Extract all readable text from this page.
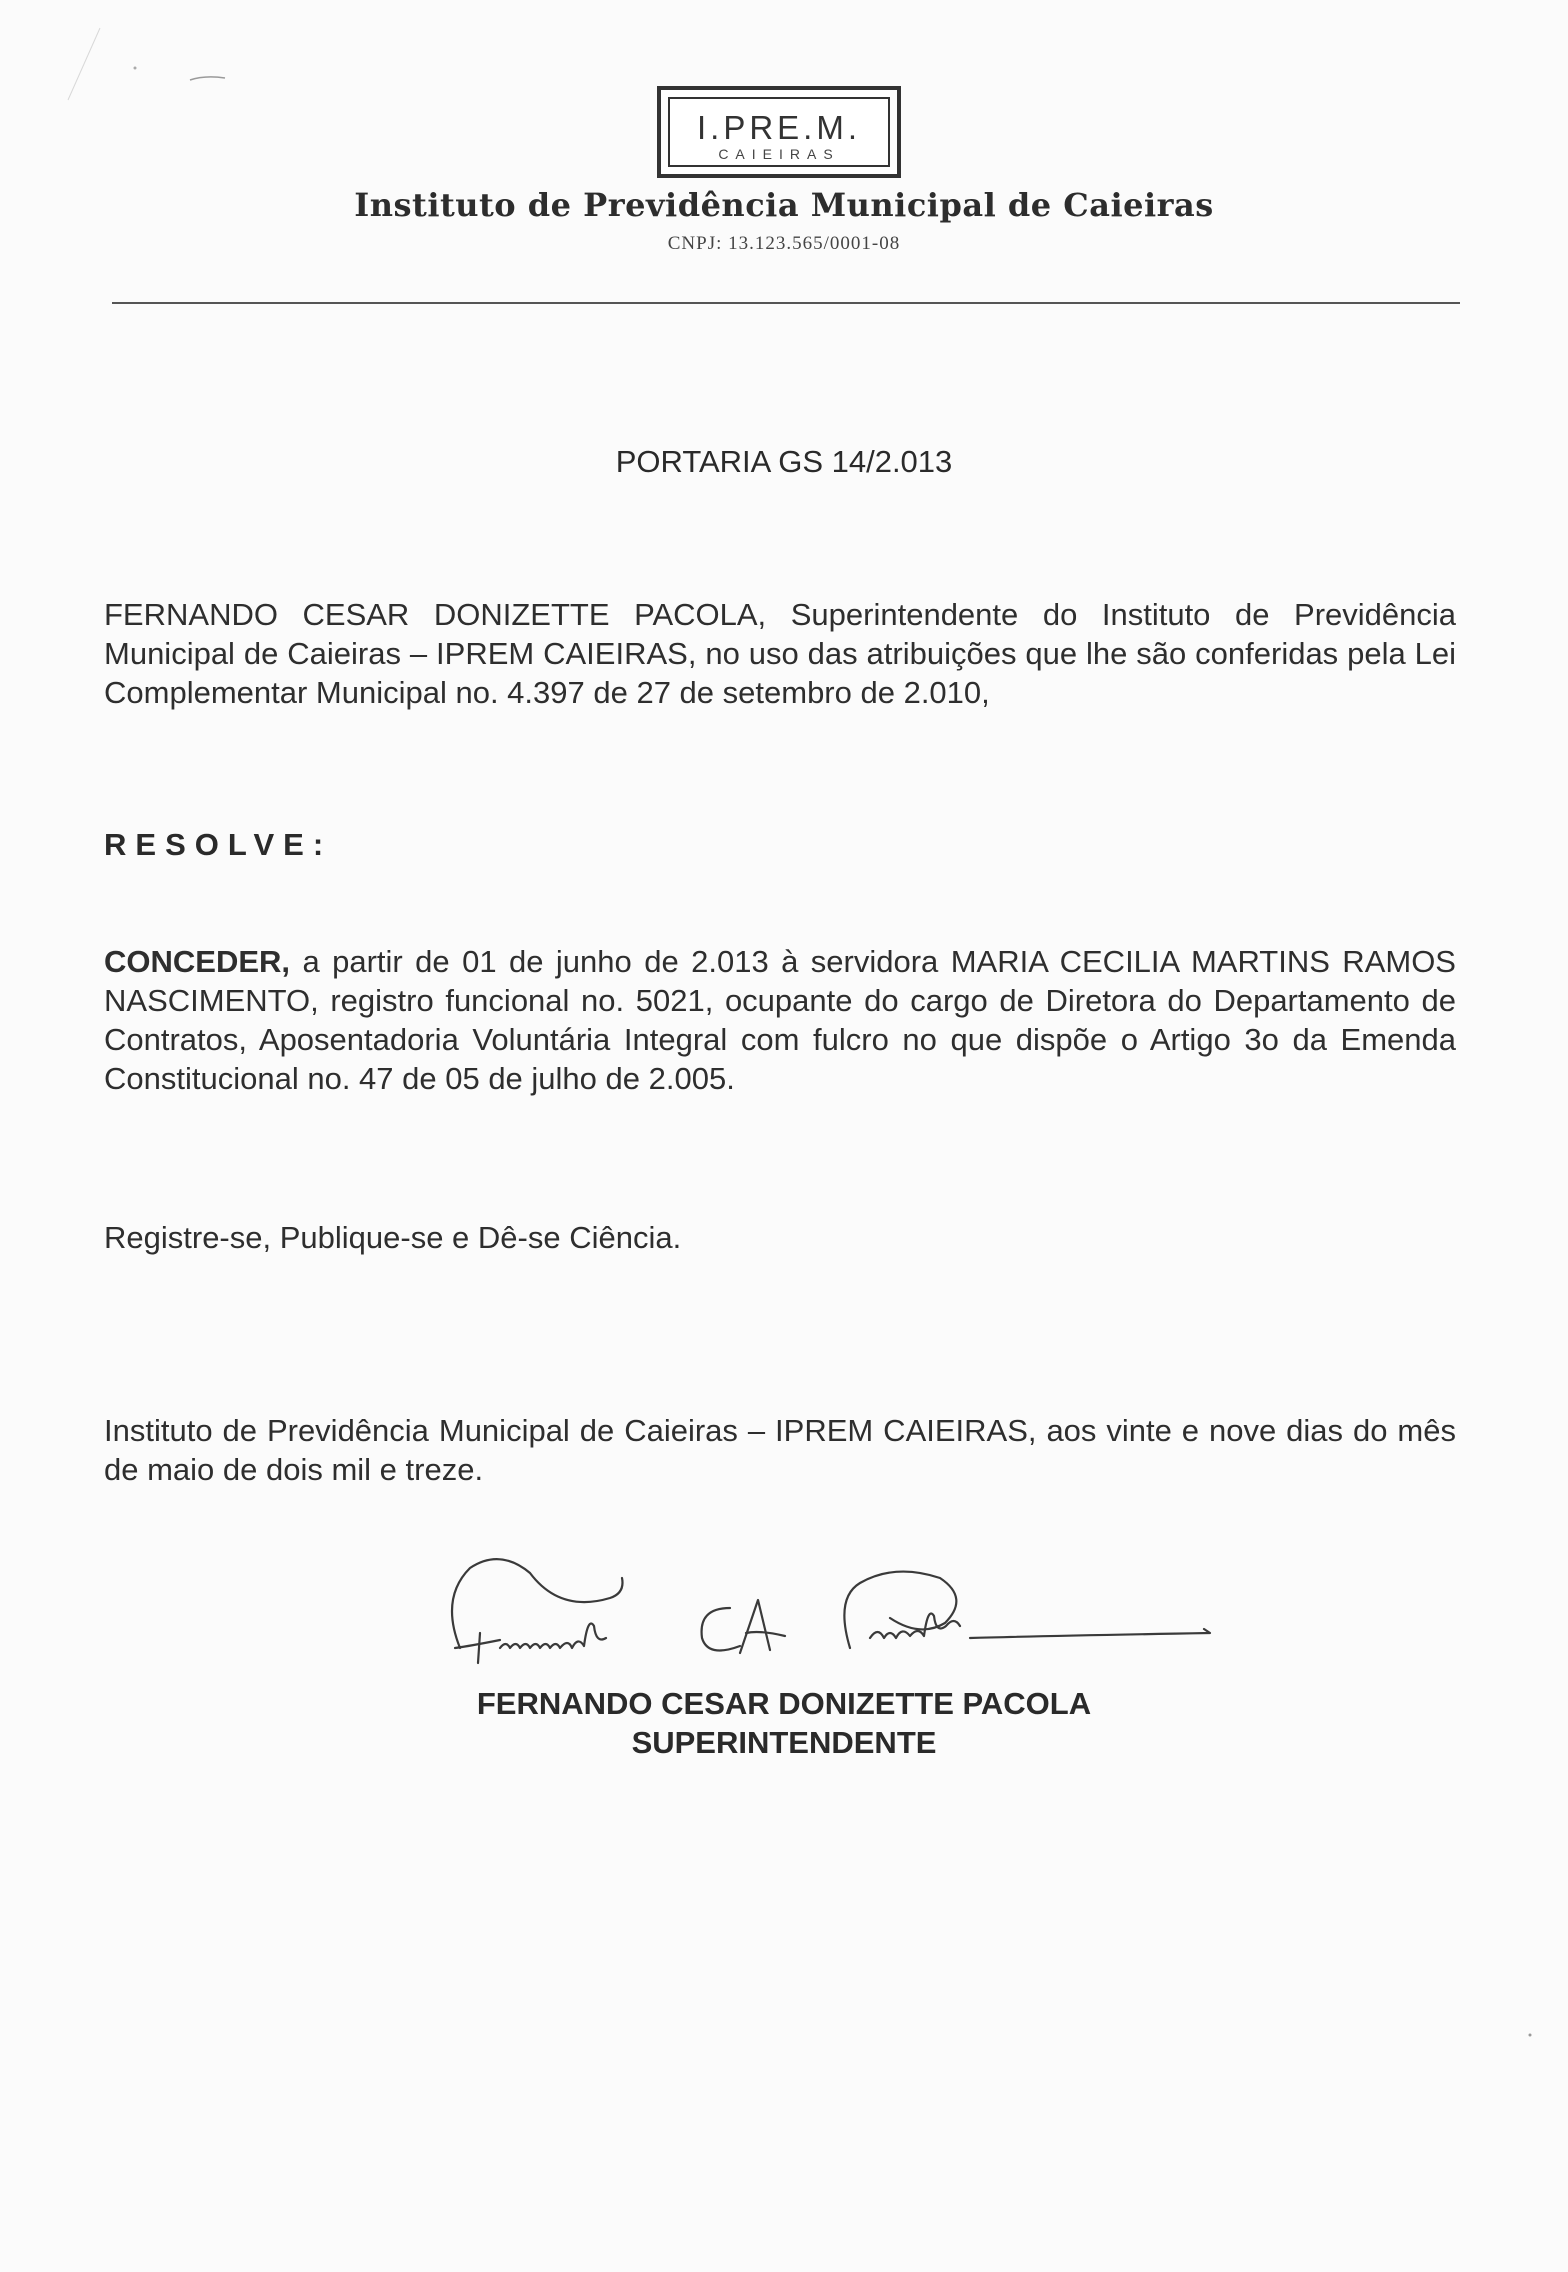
I.PRE.M.
CAIEIRAS
Instituto de Previdência Municipal de Caieiras
CNPJ: 13.123.565/0001-08
PORTARIA GS 14/2.013
FERNANDO CESAR DONIZETTE PACOLA, Superintendente do Instituto de Previdência Municipal de Caieiras – IPREM CAIEIRAS, no uso das atribuições que lhe são conferidas pela Lei Complementar Municipal no. 4.397 de 27 de setembro de 2.010,
RESOLVE:
CONCEDER, a partir de 01 de junho de 2.013 à servidora MARIA CECILIA MARTINS RAMOS NASCIMENTO, registro funcional no. 5021, ocupante do cargo de Diretora do Departamento de Contratos, Aposentadoria Voluntária Integral com fulcro no que dispõe o Artigo 3o da Emenda Constitucional no. 47 de 05 de julho de 2.005.
Registre-se, Publique-se e Dê-se Ciência.
Instituto de Previdência Municipal de Caieiras – IPREM CAIEIRAS, aos vinte e nove dias do mês de maio de dois mil e treze.
FERNANDO CESAR DONIZETTE PACOLA
SUPERINTENDENTE
